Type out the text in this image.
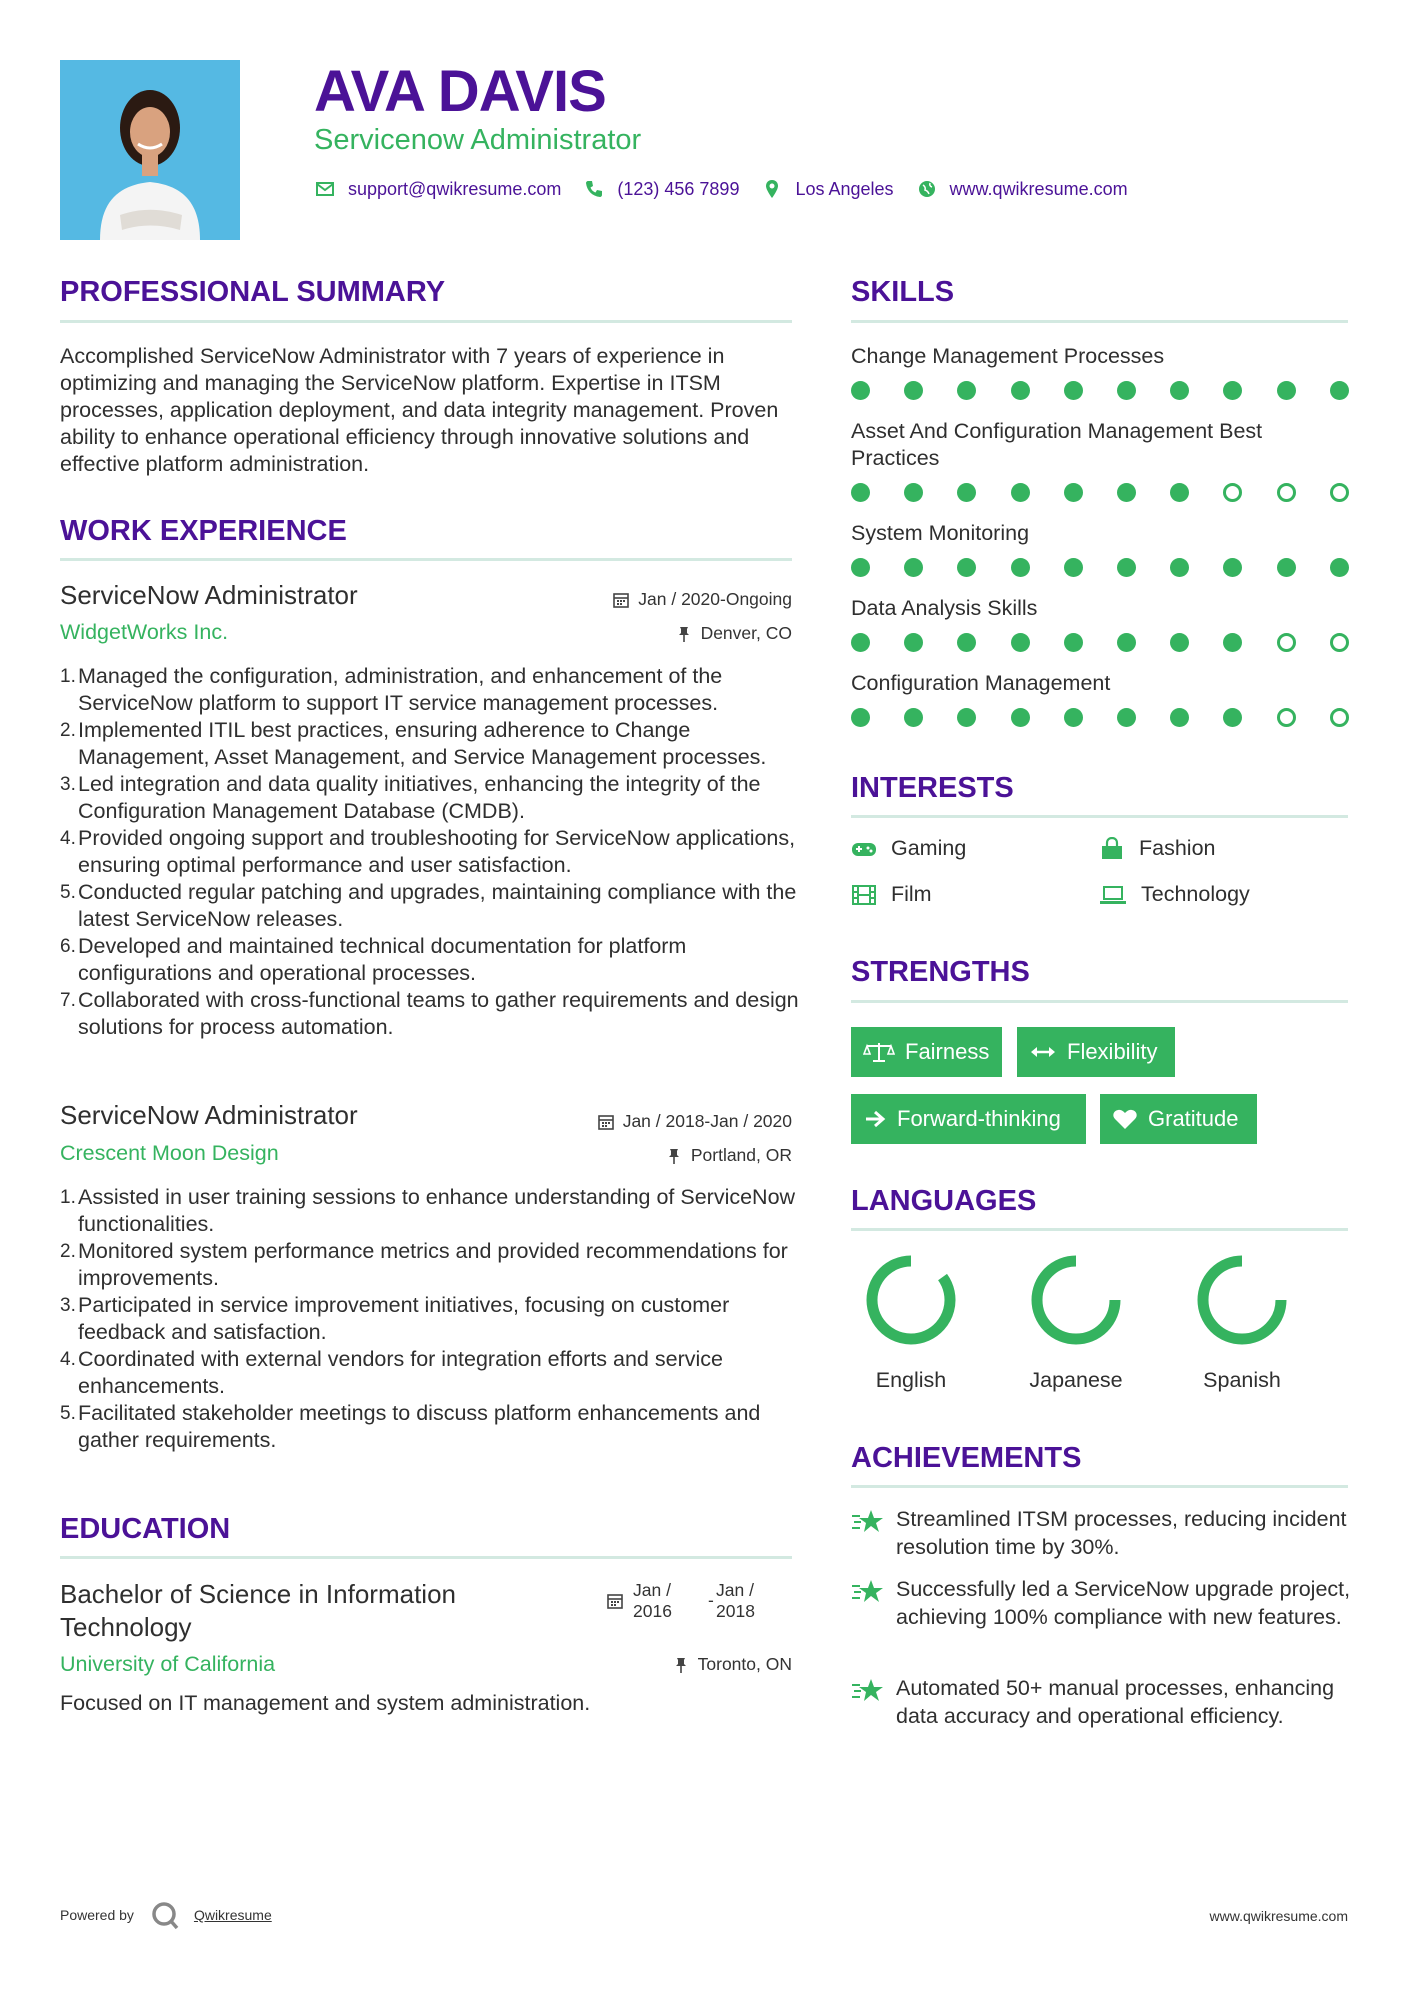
AVA DAVIS
Servicenow Administrator
support@qwikresume.com	(123) 456 7899	Los Angeles	www.qwikresume.com
PROFESSIONAL SUMMARY
Accomplished ServiceNow Administrator with 7 years of experience in optimizing and managing the ServiceNow platform. Expertise in ITSM processes, application deployment, and data integrity management. Proven ability to enhance operational efficiency through innovative solutions and effective platform administration.
WORK EXPERIENCE
ServiceNow Administrator	Jan / 2020-Ongoing
WidgetWorks Inc.	Denver, CO
Managed the configuration, administration, and enhancement of the ServiceNow platform to support IT service management processes.
Implemented ITIL best practices, ensuring adherence to Change Management, Asset Management, and Service Management processes.
Led integration and data quality initiatives, enhancing the integrity of the Configuration Management Database (CMDB).
Provided ongoing support and troubleshooting for ServiceNow applications, ensuring optimal performance and user satisfaction.
Conducted regular patching and upgrades, maintaining compliance with the latest ServiceNow releases.
Developed and maintained technical documentation for platform configurations and operational processes.
Collaborated with cross-functional teams to gather requirements and design solutions for process automation.
ServiceNow Administrator	Jan / 2018-Jan / 2020
Crescent Moon Design	Portland, OR
Assisted in user training sessions to enhance understanding of ServiceNow functionalities.
Monitored system performance metrics and provided recommendations for improvements.
Participated in service improvement initiatives, focusing on customer feedback and satisfaction.
Coordinated with external vendors for integration efforts and service enhancements.
Facilitated stakeholder meetings to discuss platform enhancements and gather requirements.
EDUCATION
Bachelor of Science in Information Technology
Jan /
2016
- Jan /
2018
University of California	Toronto, ON
Focused on IT management and system administration.
SKILLS
Change Management Processes
Asset And Configuration Management Best Practices
System Monitoring
Data Analysis Skills
Configuration Management
INTERESTS
Gaming	Fashion
Film	Technology
STRENGTHS
Fairness	Flexibility
Forward-thinking	Gratitude
LANGUAGES
English	Japanese	Spanish
ACHIEVEMENTS
Streamlined ITSM processes, reducing incident resolution time by 30%.
Successfully led a ServiceNow upgrade project, achieving 100% compliance with new features.
Automated 50+ manual processes, enhancing data accuracy and operational efficiency.
Powered by	Qwikresume	www.qwikresume.com
